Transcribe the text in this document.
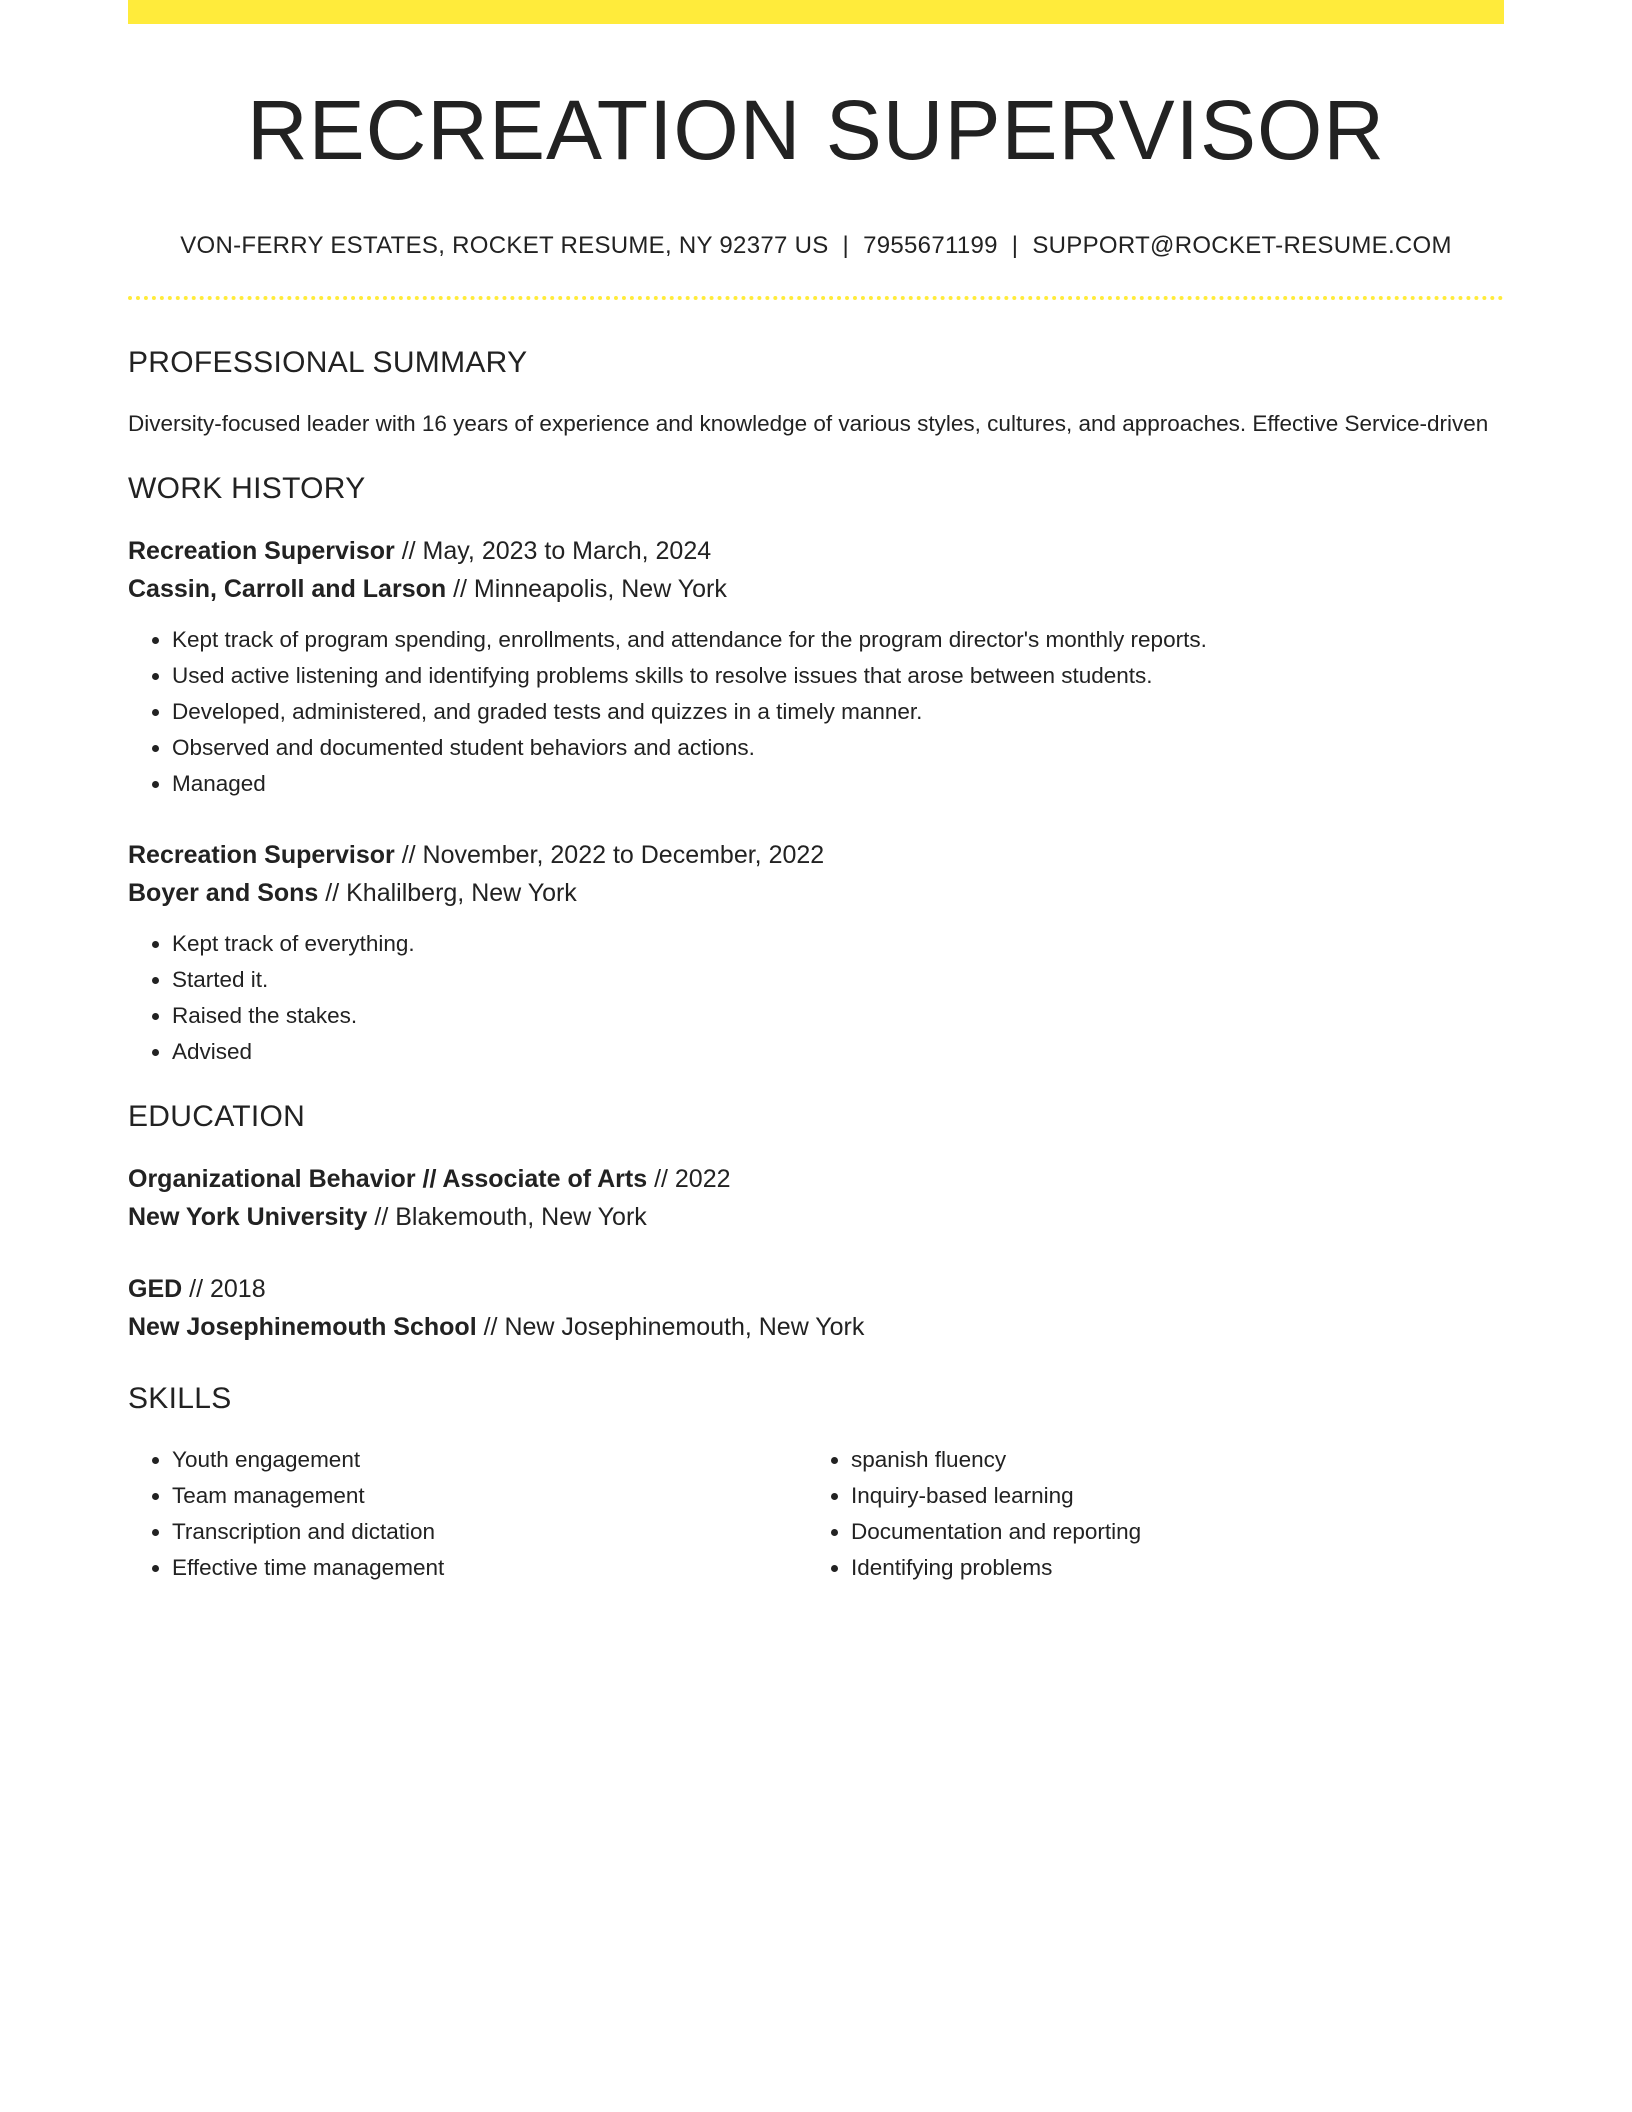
RECREATION SUPERVISOR
VON-FERRY ESTATES, ROCKET RESUME, NY 92377 US | 7955671199 | SUPPORT@ROCKET-RESUME.COM
PROFESSIONAL SUMMARY
Diversity-focused leader with 16 years of experience and knowledge of various styles, cultures, and approaches. Effective Service-driven
WORK HISTORY
Recreation Supervisor // May, 2023 to March, 2024
Cassin, Carroll and Larson // Minneapolis, New York
• Kept track of program spending, enrollments, and attendance for the program director's monthly reports.
• Used active listening and identifying problems skills to resolve issues that arose between students.
• Developed, administered, and graded tests and quizzes in a timely manner.
• Observed and documented student behaviors and actions.
• Managed
Recreation Supervisor // November, 2022 to December, 2022
Boyer and Sons // Khalilberg, New York
• Kept track of everything.
• Started it.
• Raised the stakes.
• Advised
EDUCATION
Organizational Behavior // Associate of Arts // 2022
New York University // Blakemouth, New York
GED // 2018
New Josephinemouth School // New Josephinemouth, New York
SKILLS
• Youth engagement
• Team management
• Transcription and dictation
• Effective time management
• spanish fluency
• Inquiry-based learning
• Documentation and reporting
• Identifying problems
